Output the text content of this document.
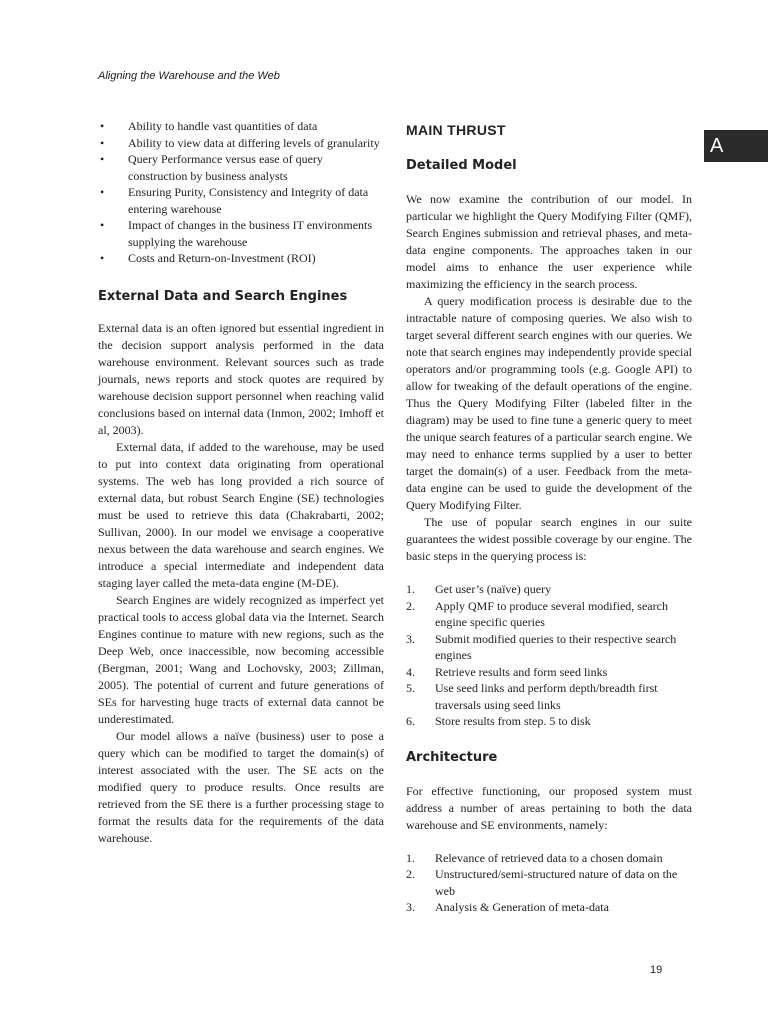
Aligning the Warehouse and the Web
A
• Ability to handle vast quantities of data
• Ability to view data at differing levels of granularity
• Query Performance versus ease of query construction by business analysts
• Ensuring Purity, Consistency and Integrity of data entering warehouse
• Impact of changes in the business IT environments supplying the warehouse
• Costs and Return-on-Investment (ROI)
External Data and Search Engines

External data is an often ignored but essential ingredient in the decision support analysis performed in the data warehouse environment. Relevant sources such as trade journals, news reports and stock quotes are required by warehouse decision support personnel when reaching valid conclusions based on internal data (Inmon, 2002; Imhoff et al, 2003).

External data, if added to the warehouse, may be used to put into context data originating from operational systems. The web has long provided a rich source of external data, but robust Search Engine (SE) technologies must be used to retrieve this data (Chakrabarti, 2002; Sullivan, 2000). In our model we envisage a cooperative nexus between the data warehouse and search engines. We introduce a special intermediate and independent data staging layer called the meta-data engine (M-DE).

Search Engines are widely recognized as imperfect yet practical tools to access global data via the Internet. Search Engines continue to mature with new regions, such as the Deep Web, once inaccessible, now becoming accessible (Bergman, 2001; Wang and Lochovsky, 2003; Zillman, 2005). The potential of current and future generations of SEs for harvesting huge tracts of external data cannot be underestimated.

Our model allows a naïve (business) user to pose a query which can be modified to target the domain(s) of interest associated with the user. The SE acts on the modified query to produce results. Once results are retrieved from the SE there is a further processing stage to format the results data for the requirements of the data warehouse.

MAIN THRUST
Detailed Model

We now examine the contribution of our model. In particular we highlight the Query Modifying Filter (QMF), Search Engines submission and retrieval phases, and meta-data engine components. The approaches taken in our model aims to enhance the user experience while maximizing the efficiency in the search process.

A query modification process is desirable due to the intractable nature of composing queries. We also wish to target several different search engines with our queries. We note that search engines may independently provide special operators and/or programming tools (e.g. Google API) to allow for tweaking of the default operations of the engine. Thus the Query Modifying Filter (labeled filter in the diagram) may be used to fine tune a generic query to meet the unique search features of a particular search engine. We may need to enhance terms supplied by a user to better target the domain(s) of a user. Feedback from the meta-data engine can be used to guide the development of the Query Modifying Filter.

The use of popular search engines in our suite guarantees the widest possible coverage by our engine. The basic steps in the querying process is:

1. Get user’s (naïve) query
2. Apply QMF to produce several modified, search engine specific queries
3. Submit modified queries to their respective search engines
4. Retrieve results and form seed links
5. Use seed links and perform depth/breadth first traversals using seed links
6. Store results from step. 5 to disk
Architecture

For effective functioning, our proposed system must address a number of areas pertaining to both the data warehouse and SE environments, namely:

1. Relevance of retrieved data to a chosen domain
2. Unstructured/semi-structured nature of data on the web
3. Analysis & Generation of meta-data
19
